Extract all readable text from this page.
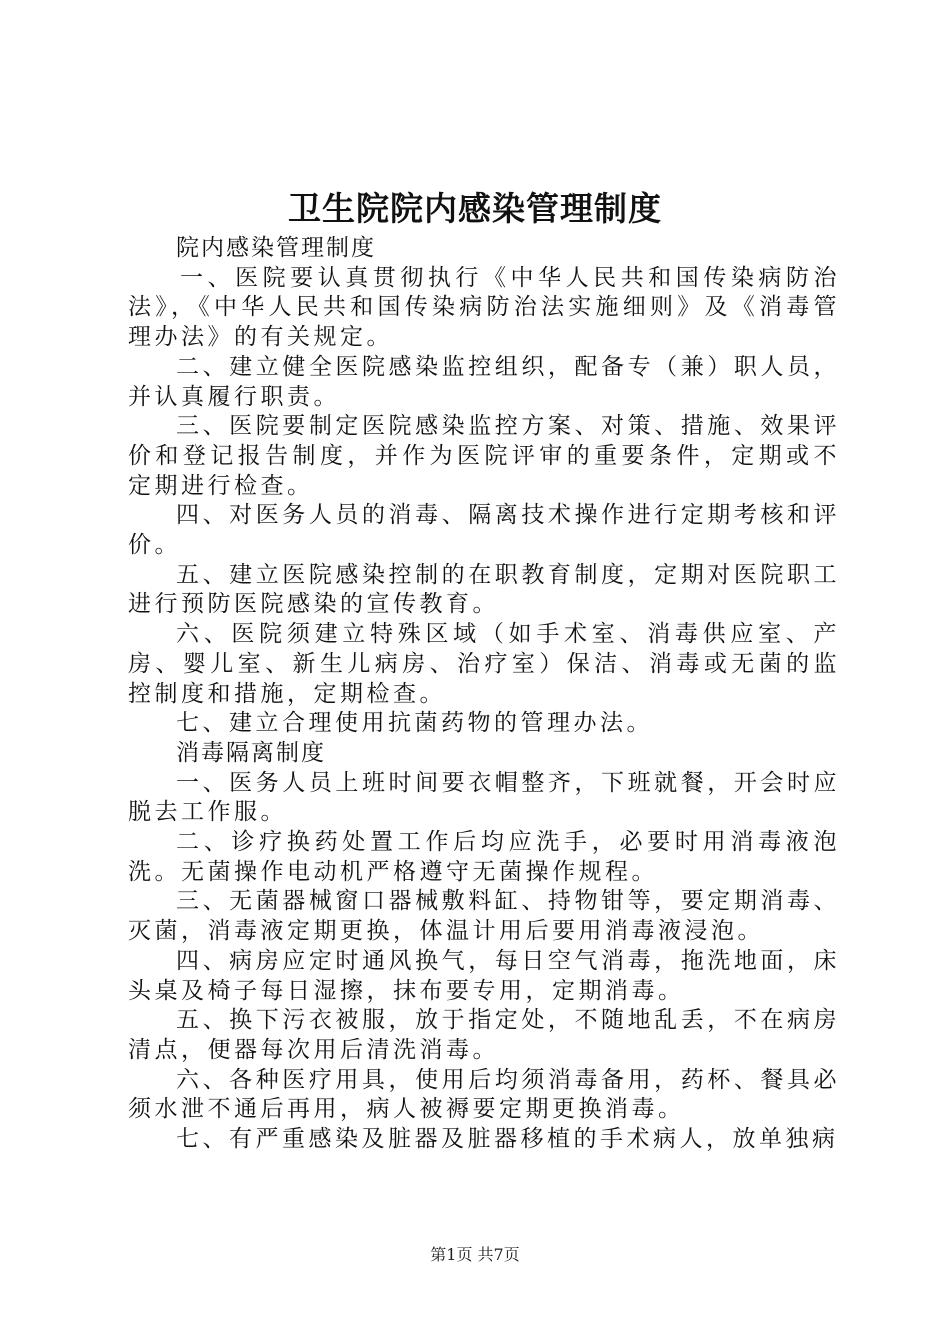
卫生院院内感染管理制度

院内感染管理制度

一、医院要认真贯彻执行《中华人民共和国传染病防治法》，《中华人民共和国传染病防治法实施细则》及《消毒管理办法》的有关规定。

二、建立健全医院感染监控组织，配备专（兼）职人员，并认真履行职责。

三、医院要制定医院感染监控方案、对策、措施、效果评价和登记报告制度，并作为医院评审的重要条件，定期或不定期进行检查。

四、对医务人员的消毒、隔离技术操作进行定期考核和评价。

五、建立医院感染控制的在职教育制度，定期对医院职工进行预防医院感染的宣传教育。

六、医院须建立特殊区域（如手术室、消毒供应室、产房、婴儿室、新生儿病房、治疗室）保洁、消毒或无菌的监控制度和措施，定期检查。

七、建立合理使用抗菌药物的管理办法。

消毒隔离制度

一、医务人员上班时间要衣帽整齐，下班就餐，开会时应脱去工作服。

二、诊疗换药处置工作后均应洗手，必要时用消毒液泡洗。无菌操作电动机严格遵守无菌操作规程。

三、无菌器械窗口器械敷料缸、持物钳等，要定期消毒、灭菌，消毒液定期更换，体温计用后要用消毒液浸泡。

四、病房应定时通风换气，每日空气消毒，拖洗地面，床头桌及椅子每日湿擦，抹布要专用，定期消毒。

五、换下污衣被服，放于指定处，不随地乱丢，不在病房清点，便器每次用后清洗消毒。

六、各种医疗用具，使用后均须消毒备用，药杯、餐具必须水泄不通后再用，病人被褥要定期更换消毒。

七、有严重感染及脏器及脏器移植的手术病人，放单独病

第1页 共7页
